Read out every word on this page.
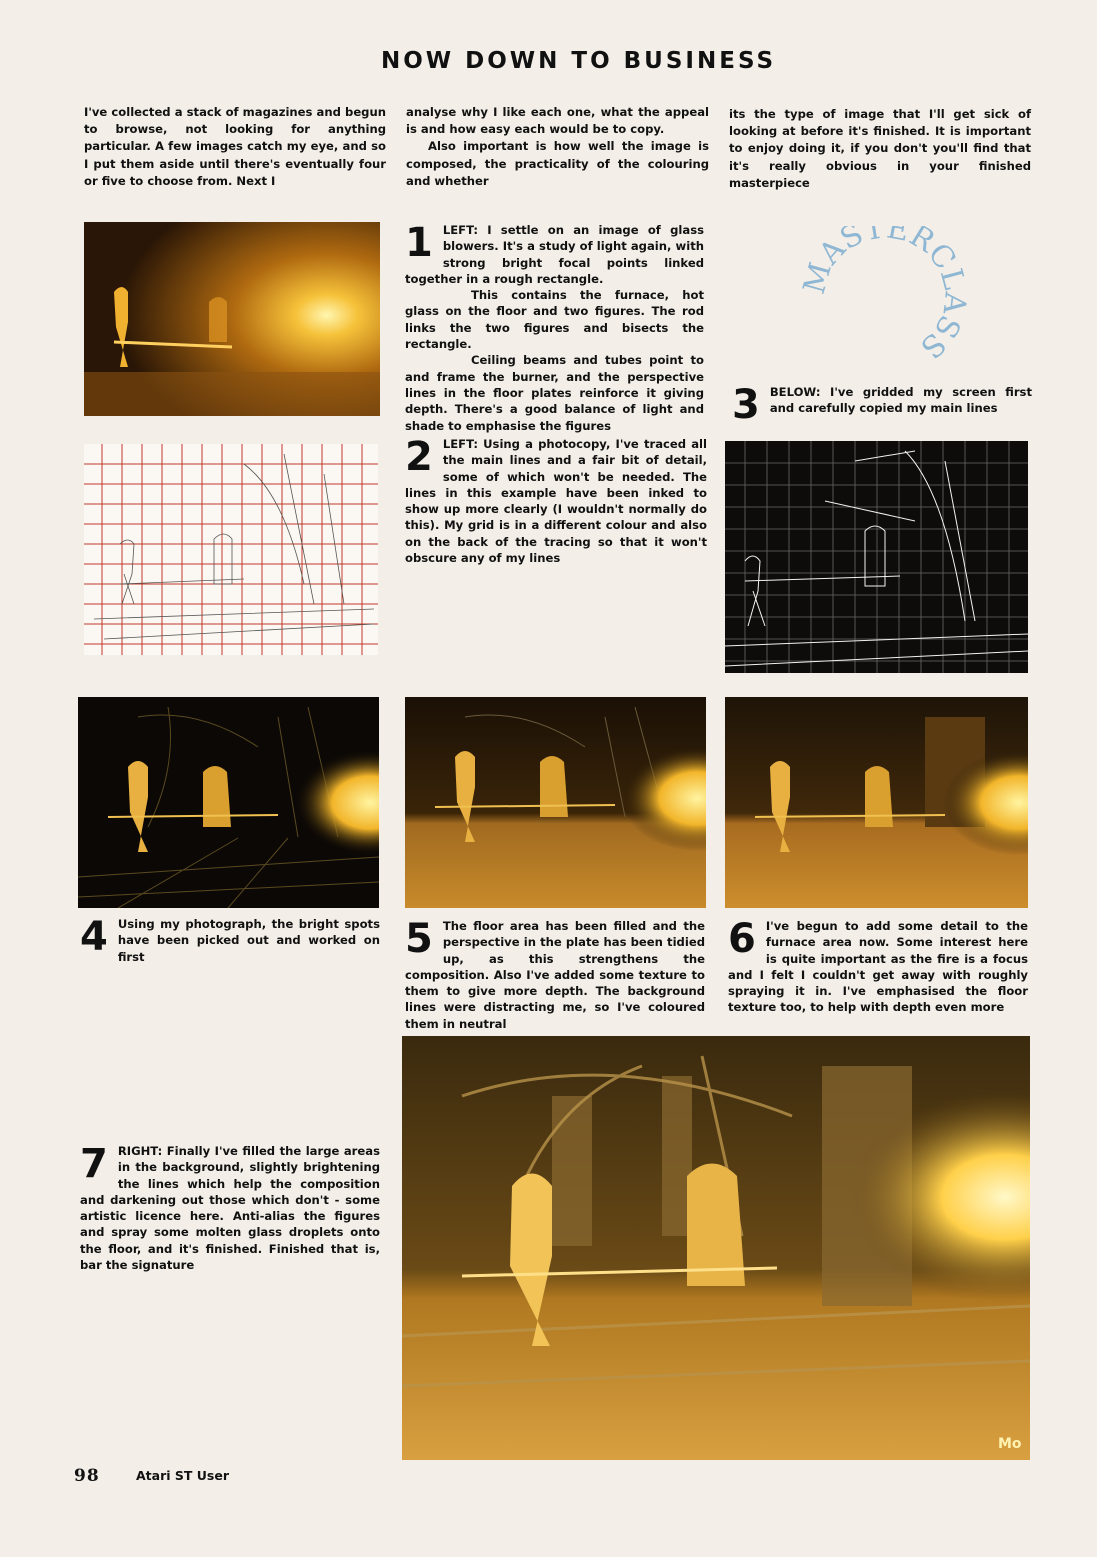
NOW DOWN TO BUSINESS

I've collected a stack of magazines and begun to browse, not looking for anything particular. A few images catch my eye, and so I put them aside until there's eventually four or five to choose from. Next I

analyse why I like each one, what the appeal is and how easy each would be to copy.

Also important is how well the image is composed, the practicality of the colouring and whether

its the type of image that I'll get sick of looking at before it's finished. It is important to enjoy doing it, if you don't you'll find that it's really obvious in your finished masterpiece

1 LEFT: I settle on an image of glass blowers. It's a study of light again, with strong bright focal points linked together in a rough rectangle.

This contains the furnace, hot glass on the floor and two figures. The rod links the two figures and bisects the rectangle.

Ceiling beams and tubes point to and frame the burner, and the perspective lines in the floor plates reinforce it giving depth. There's a good balance of light and shade to emphasise the figures

2 LEFT: Using a photocopy, I've traced all the main lines and a fair bit of detail, some of which won't be needed. The lines in this example have been inked to show up more clearly (I wouldn't normally do this). My grid is in a different colour and also on the back of the tracing so that it won't obscure any of my lines

MASTERCLASS
3 BELOW: I've gridded my screen first and carefully copied my main lines

4 Using my photograph, the bright spots have been picked out and worked on first	5 The floor area has been filled and the perspective in the plate has been tidied up, as this strengthens the composition. Also I've added some texture to them to give more depth. The background lines were distracting me, so I've coloured them in neutral

6 I've begun to add some detail to the furnace area now. Some interest here is quite important as the fire is a focus and I felt I couldn't get away with roughly spraying it in. I've emphasised the floor texture too, to help with depth even more

7 RIGHT: Finally I've filled the large areas in the background, slightly brightening the lines which help the composition and darkening out those which don't - some artistic licence here. Anti-alias the figures and spray some molten glass droplets onto the floor, and it's finished. Finished that is, bar the signature

Mo
98	Atari ST User
